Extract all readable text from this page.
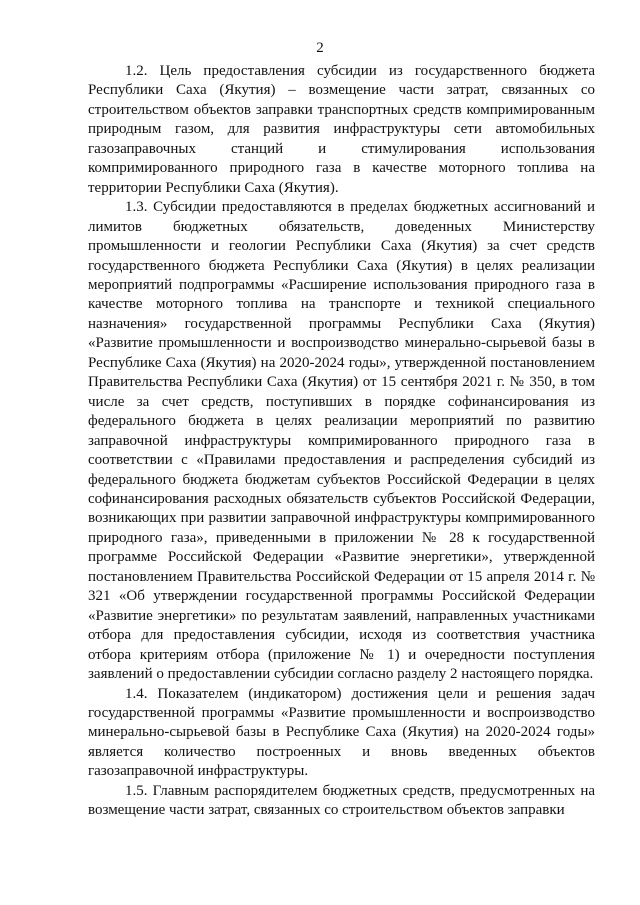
2

1.2. Цель предоставления субсидии из государственного бюджета Республики Саха (Якутия) – возмещение части затрат, связанных со строительством объектов заправки транспортных средств компримированным природным газом, для развития инфраструктуры сети автомобильных газозаправочных станций и стимулирования использования компримированного природного газа в качестве моторного топлива на территории Республики Саха (Якутия).

1.3. Субсидии предоставляются в пределах бюджетных ассигнований и лимитов бюджетных обязательств, доведенных Министерству промышленности и геологии Республики Саха (Якутия) за счет средств государственного бюджета Республики Саха (Якутия) в целях реализации мероприятий подпрограммы «Расширение использования природного газа в качестве моторного топлива на транспорте и техникой специального назначения» государственной программы Республики Саха (Якутия) «Развитие промышленности и воспроизводство минерально-сырьевой базы в Республике Саха (Якутия) на 2020-2024 годы», утвержденной постановлением Правительства Республики Саха (Якутия) от 15 сентября 2021 г. № 350, в том числе за счет средств, поступивших в порядке софинансирования из федерального бюджета в целях реализации мероприятий по развитию заправочной инфраструктуры компримированного природного газа в соответствии с «Правилами предоставления и распределения субсидий из федерального бюджета бюджетам субъектов Российской Федерации в целях софинансирования расходных обязательств субъектов Российской Федерации, возникающих при развитии заправочной инфраструктуры компримированного природного газа», приведенными в приложении № 28 к государственной программе Российской Федерации «Развитие энергетики», утвержденной постановлением Правительства Российской Федерации от 15 апреля 2014 г. № 321 «Об утверждении государственной программы Российской Федерации «Развитие энергетики» по результатам заявлений, направленных участниками отбора для предоставления субсидии, исходя из соответствия участника отбора критериям отбора (приложение № 1) и очередности поступления заявлений о предоставлении субсидии согласно разделу 2 настоящего порядка.

1.4. Показателем (индикатором) достижения цели и решения задач государственной программы «Развитие промышленности и воспроизводство минерально-сырьевой базы в Республике Саха (Якутия) на 2020-2024 годы» является количество построенных и вновь введенных объектов газозаправочной инфраструктуры.

1.5. Главным распорядителем бюджетных средств, предусмотренных на возмещение части затрат, связанных со строительством объектов заправки
